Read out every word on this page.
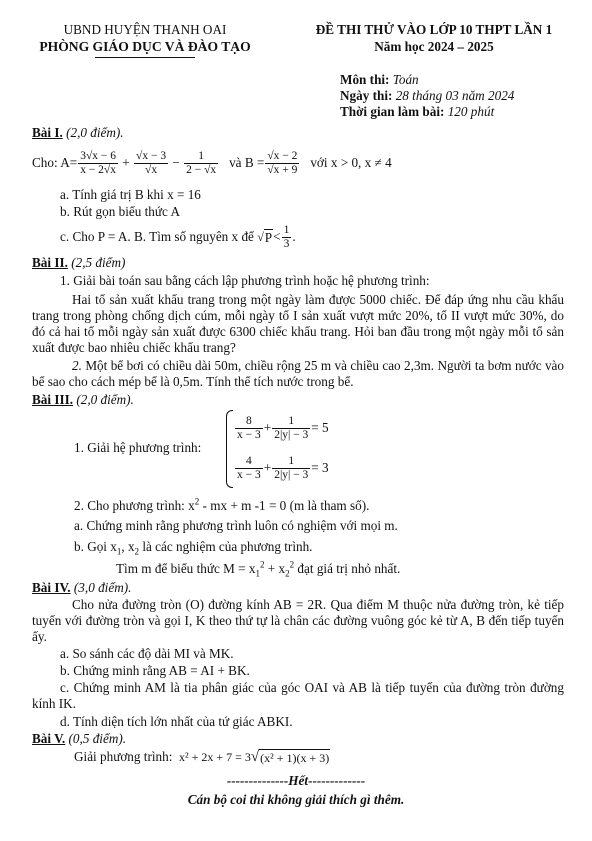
UBND HUYỆN THANH OAI
PHÒNG GIÁO DỤC VÀ ĐÀO TẠO
ĐỀ THI THỬ VÀO LỚP 10 THPT LẦN 1
Năm học 2024 – 2025
Môn thi: Toán
Ngày thi: 28 tháng 03 năm 2024
Thời gian làm bài: 120 phút
Bài I. (2,0 điểm).
Cho: $A= \frac{3√x - 6}{x - 2√x} + \frac{√x - 3}{√x} - \frac{1}{2 - √x}$
và $B = \frac{√x - 2}{√x + 9}$
với x > 0, x ≠ 4
a. Tính giá trị B khi x = 16
b. Rút gọn biểu thức A
c. Cho P = A. B. Tìm số nguyên x để
√ $P < \frac{1}{3}$ .
Bài II. (2,5 điểm)
1. Giải bài toán sau bằng cách lập phương trình hoặc hệ phương trình:
Hai tổ sản xuất khẩu trang trong một ngày làm được 5000 chiếc. Để đáp ứng nhu cầu khẩu trang trong phòng chống dịch cúm, mỗi ngày tổ I sản xuất vượt mức 20%, tổ II vượt mức 30%, do đó cả hai tổ mỗi ngày sản xuất được 6300 chiếc khẩu trang. Hỏi ban đầu trong một ngày mỗi tổ sản xuất được bao nhiêu chiếc khẩu trang?
2. Một bể bơi có chiều dài 50m, chiều rộng 25 m và chiều cao 2,3m. Người ta bơm nước vào bể sao cho cách mép bể là 0,5m. Tính thể tích nước trong bể.
Bài III. (2,0 điểm).
1. Giải hệ phương trình:
$\frac{8}{x - 3} + \frac{1}{2|y| - 3} = 5$
$\frac{4}{x - 3} + \frac{1}{2|y| - 3} = 3$
2. Cho phương trình: $x^2$ - mx + m -1 = 0 (m là tham số).
a. Chứng minh rằng phương trình luôn có nghiệm với mọi m.
b. Gọi $x_1$, $x_2$ là các nghiệm của phương trình.
Tìm m để biểu thức $M = x_1^2 + x_2^2$ đạt giá trị nhỏ nhất.
Bài IV. (3,0 điểm).
Cho nửa đường tròn (O) đường kính AB = 2R. Qua điểm M thuộc nửa đường tròn, kẻ tiếp tuyến với đường tròn và gọi I, K theo thứ tự là chân các đường vuông góc kẻ từ A, B đến tiếp tuyến ấy.
a. So sánh các độ dài MI và MK.
b. Chứng minh rằng AB = AI + BK.
c. Chứng minh AM là tia phân giác của góc OAI và AB là tiếp tuyến của đường tròn đường kính IK.
d. Tính diện tích lớn nhất của tứ giác ABKI.
Bài V. (0,5 điểm).
Giải phương trình:
x² + 2x + 7 = 3 √ (x² + 1)(x + 3)
--------------Hết-------------
Cán bộ coi thi không giải thích gì thêm.
